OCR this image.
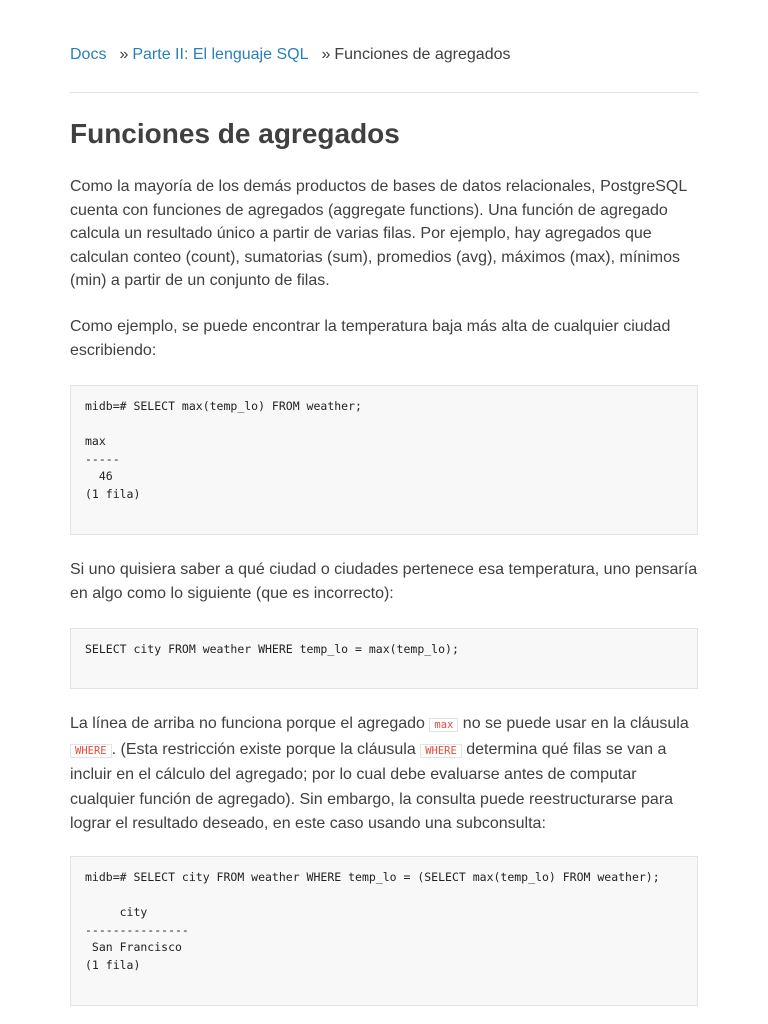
Docs » Parte II: El lenguaje SQL » Funciones de agregados
Funciones de agregados

Como la mayoría de los demás productos de bases de datos relacionales, PostgreSQL cuenta con funciones de agregados (aggregate functions). Una función de agregado calcula un resultado único a partir de varias filas. Por ejemplo, hay agregados que calculan conteo (count), sumatorias (sum), promedios (avg), máximos (max), mínimos (min) a partir de un conjunto de filas.

Como ejemplo, se puede encontrar la temperatura baja más alta de cualquier ciudad escribiendo:

midb=# SELECT max(temp_lo) FROM weather;

max
-----
46
(1 fila)

Si uno quisiera saber a qué ciudad o ciudades pertenece esa temperatura, uno pensaría en algo como lo siguiente (que es incorrecto):

SELECT city FROM weather WHERE temp_lo = max(temp_lo);

La línea de arriba no funciona porque el agregado max no se puede usar en la cláusula WHERE . (Esta restricción existe porque la cláusula WHERE determina qué filas se van a incluir en el cálculo del agregado; por lo cual debe evaluarse antes de computar cualquier función de agregado). Sin embargo, la consulta puede reestructurarse para lograr el resultado deseado, en este caso usando una subconsulta:

midb=# SELECT city FROM weather WHERE temp_lo = (SELECT max(temp_lo) FROM weather);

city
---------------
San Francisco
(1 fila)
